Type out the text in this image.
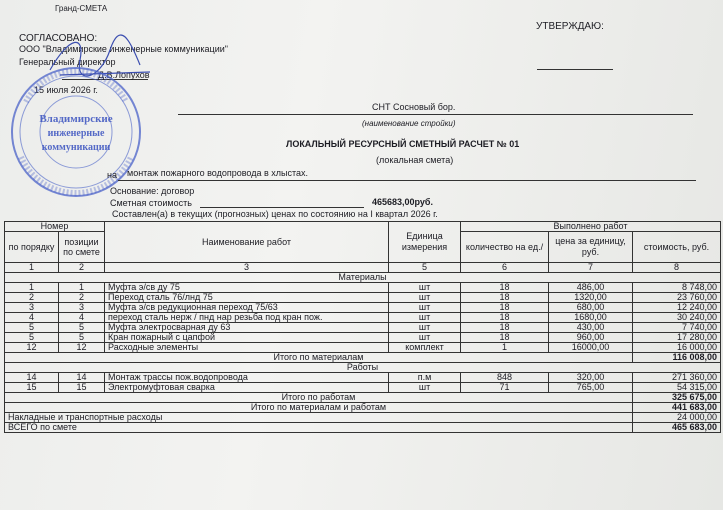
Гранд-СМЕТА
СОГЛАСОВАНО:
ООО "Владимирские инженерные коммуникации"
Генеральный директор
Д.В.Лопухов
15 июля 2026 г.
Владимирские
инженерные
коммуникации
УТВЕРЖДАЮ:
СНТ Сосновый бор.
(наименование стройки)
ЛОКАЛЬНЫЙ РЕСУРСНЫЙ СМЕТНЫЙ РАСЧЕТ № 01
(локальная смета)
на монтаж пожарного водопровода в хлыстах.
Основание: договор
Сметная стоимость	465683,00руб.
Составлен(а) в текущих (прогнозных) ценах по состоянию на I квартал 2026 г.
Номер		Наименование работ	Единица измерения	Выполнено работ		
по порядку	позиции по смете			количество на ед./	цена за единицу, руб.	стоимость, руб.
1	2	3	5	6	7	8
Материалы						
1	1	Муфта э/св ду 75	шт	18	486,00	8 748,00
2	2	Переход сталь 76/лнд 75	шт	18	1320,00	23 760,00
3	3	Муфта э/св редукционная переход 75/63	шт	18	680,00	12 240,00
4	4	переход сталь нерж / пнд нар резьба под кран пож.	шт	18	1680,00	30 240,00
5	5	Муфта электросварная ду 63	шт	18	430,00	7 740,00
5	5	Кран пожарный с цапфой	шт	18	960,00	17 280,00
12	12	Расходные элементы	комплект	1	16000,00	16 000,00
Итого по материалам						116 008,00
Работы						
14	14	Монтаж трассы пож.водопровода	п.м	848	320,00	271 360,00
15	15	Электромуфтовая сварка	шт	71	765,00	54 315,00
Итого по работам						325 675,00
Итого по материалам и работам						441 683,00
Накладные и транспортные расходы						24 000,00
ВСЕГО по смете						465 683,00
